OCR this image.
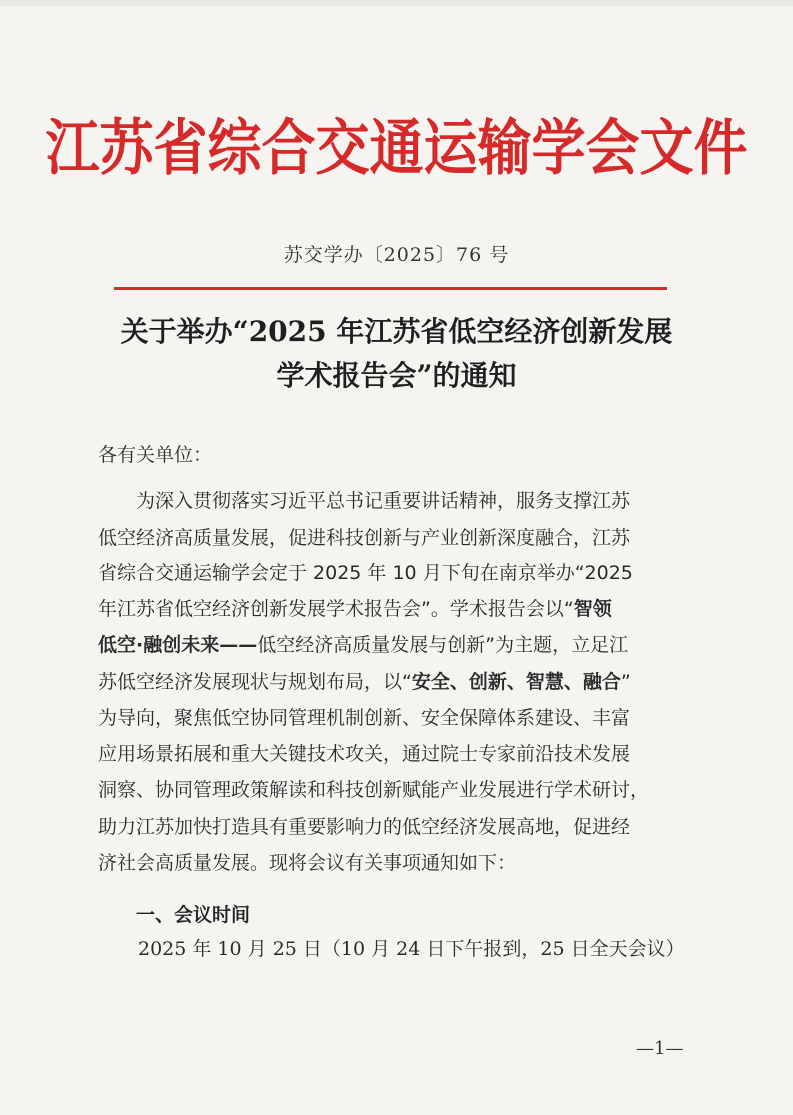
江苏省综合交通运输学会文件
苏交学办〔2025〕76 号
关于举办“2025 年江苏省低空经济创新发展
学术报告会”的通知
各有关单位：
为深入贯彻落实习近平总书记重要讲话精神，服务支撑江苏
低空经济高质量发展，促进科技创新与产业创新深度融合，江苏
省综合交通运输学会定于 2025 年 10 月下旬在南京举办“2025
年江苏省低空经济创新发展学术报告会”。学术报告会以“智领
低空·融创未来——低空经济高质量发展与创新”为主题，立足江
苏低空经济发展现状与规划布局，以“安全、创新、智慧、融合”
为导向，聚焦低空协同管理机制创新、安全保障体系建设、丰富
应用场景拓展和重大关键技术攻关，通过院士专家前沿技术发展
洞察、协同管理政策解读和科技创新赋能产业发展进行学术研讨，
助力江苏加快打造具有重要影响力的低空经济发展高地，促进经
济社会高质量发展。现将会议有关事项通知如下：
一、会议时间
2025 年 10 月 25 日（10 月 24 日下午报到，25 日全天会议）
—1—
